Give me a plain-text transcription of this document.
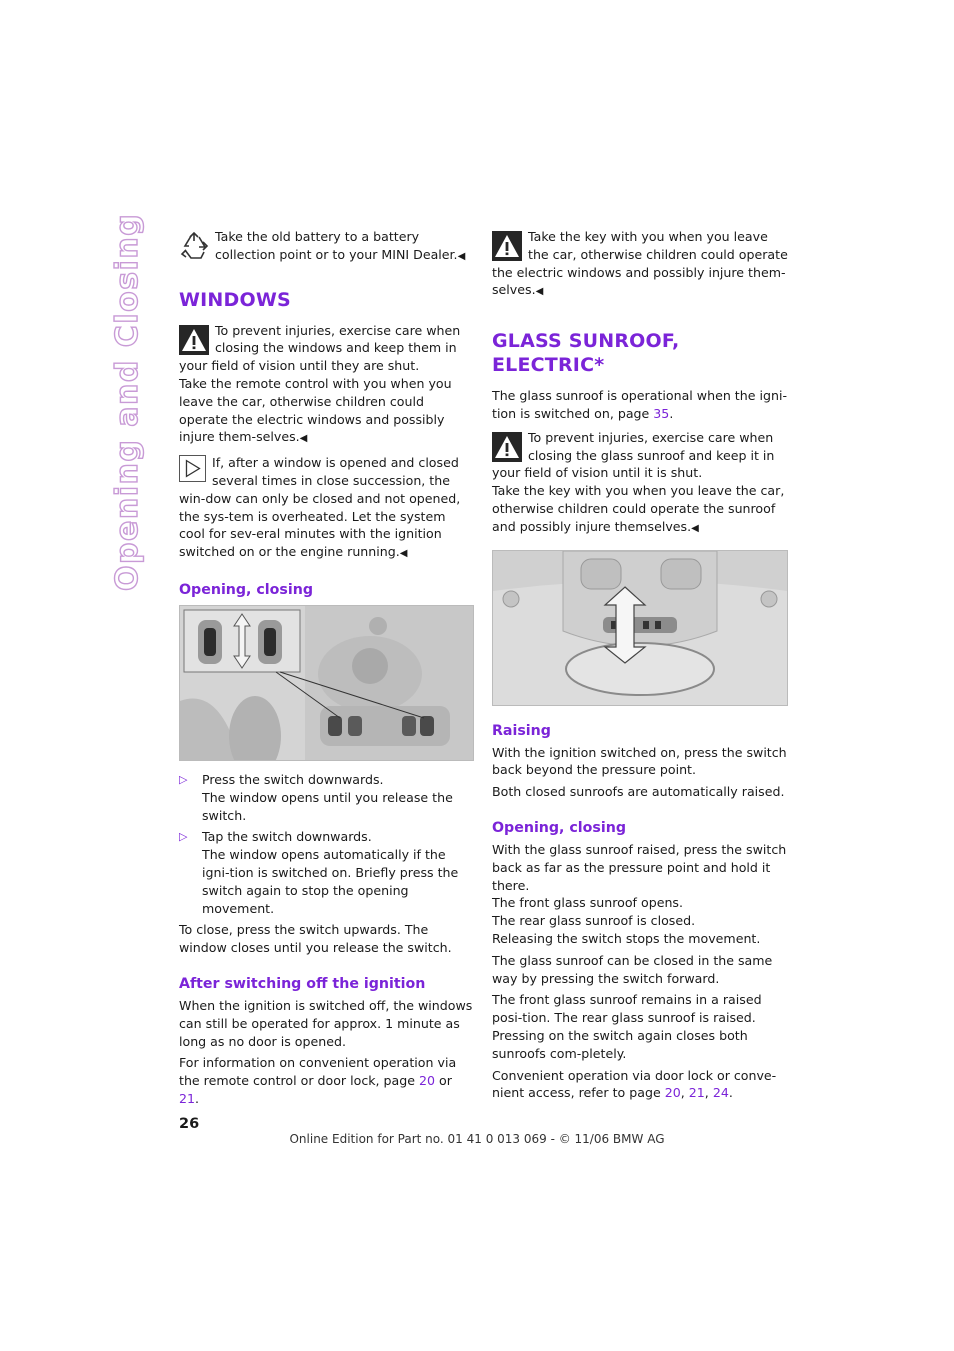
Opening and Closing	Take the old battery to a battery collection point or to your MINI Dealer.◀
WINDOWS
To prevent injuries, exercise care when closing the windows and keep them in your field of vision until they are shut.
Take the remote control with you when you leave the car, otherwise children could operate the electric windows and possibly injure them-selves.◀
If, after a window is opened and closed several times in close succession, the win-dow can only be closed and not opened, the sys-tem is overheated. Let the system cool for sev-eral minutes with the ignition switched on or the engine running.◀
Opening, closing
▷ Press the switch downwards.
The window opens until you release the switch.
▷ Tap the switch downwards.
The window opens automatically if the igni-tion is switched on. Briefly press the switch again to stop the opening movement.

To close, press the switch upwards. The window closes until you release the switch.

After switching off the ignition

When the ignition is switched off, the windows can still be operated for approx. 1 minute as long as no door is opened.

For information on convenient operation via the remote control or door lock, page 20 or 21.

Take the key with you when you leave the car, otherwise children could operate the electric windows and possibly injure them-selves.◀
GLASS SUNROOF, ELECTRIC*

The glass sunroof is operational when the igni-tion is switched on, page 35.

To prevent injuries, exercise care when closing the glass sunroof and keep it in your field of vision until it is shut.
Take the key with you when you leave the car, otherwise children could operate the sunroof and possibly injure themselves.◀
Raising

With the ignition switched on, press the switch back beyond the pressure point.

Both closed sunroofs are automatically raised.

Opening, closing

With the glass sunroof raised, press the switch back as far as the pressure point and hold it there.

The front glass sunroof opens.

The rear glass sunroof is closed.

Releasing the switch stops the movement.

The glass sunroof can be closed in the same way by pressing the switch forward.

The front glass sunroof remains in a raised posi-tion. The rear glass sunroof is raised. Pressing on the switch again closes both sunroofs com-pletely.

Convenient operation via door lock or conve-nient access, refer to page 20, 21, 24.

26
Online Edition for Part no. 01 41 0 013 069 - © 11/06 BMW AG
